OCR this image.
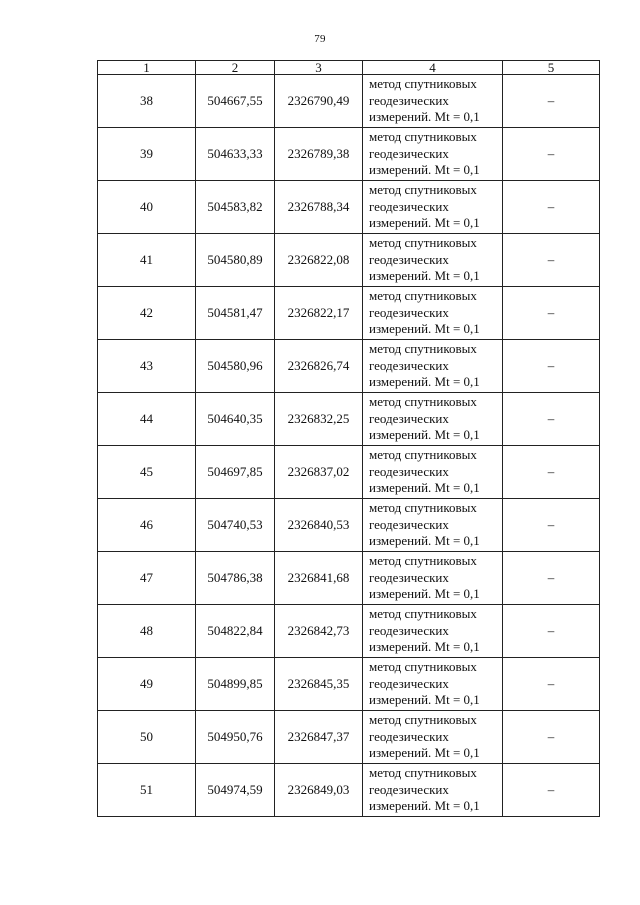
79
1	2	3	4	5
38	504667,55	2326790,49	метод спутниковых
геодезических
измерений. Mt = 0,1	–
39	504633,33	2326789,38	метод спутниковых
геодезических
измерений. Mt = 0,1	–
40	504583,82	2326788,34	метод спутниковых
геодезических
измерений. Mt = 0,1	–
41	504580,89	2326822,08	метод спутниковых
геодезических
измерений. Mt = 0,1	–
42	504581,47	2326822,17	метод спутниковых
геодезических
измерений. Mt = 0,1	–
43	504580,96	2326826,74	метод спутниковых
геодезических
измерений. Mt = 0,1	–
44	504640,35	2326832,25	метод спутниковых
геодезических
измерений. Mt = 0,1	–
45	504697,85	2326837,02	метод спутниковых
геодезических
измерений. Mt = 0,1	–
46	504740,53	2326840,53	метод спутниковых
геодезических
измерений. Mt = 0,1	–
47	504786,38	2326841,68	метод спутниковых
геодезических
измерений. Mt = 0,1	–
48	504822,84	2326842,73	метод спутниковых
геодезических
измерений. Mt = 0,1	–
49	504899,85	2326845,35	метод спутниковых
геодезических
измерений. Mt = 0,1	–
50	504950,76	2326847,37	метод спутниковых
геодезических
измерений. Mt = 0,1	–
51	504974,59	2326849,03	метод спутниковых
геодезических
измерений. Mt = 0,1	–
